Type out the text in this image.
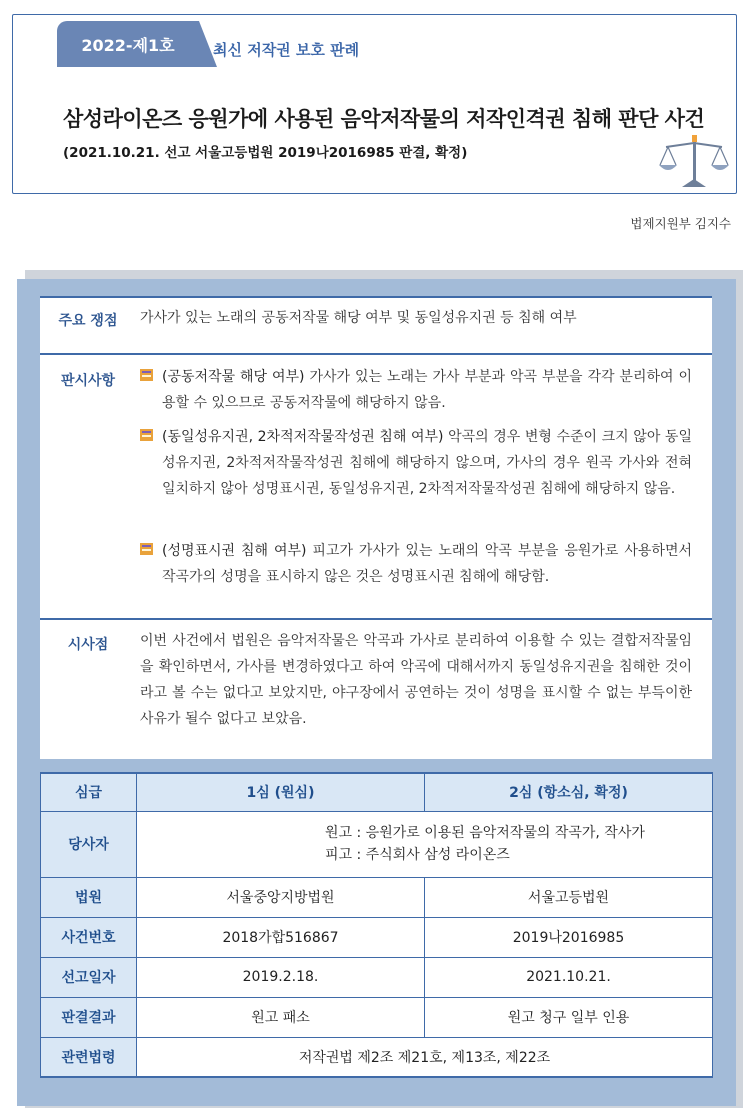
2022-제1호	최신 저작권 보호 판례
삼성라이온즈 응원가에 사용된 음악저작물의 저작인격권 침해 판단 사건
(2021.10.21. 선고 서울고등법원 2019나2016985 판결, 확정)
법제지원부 김지수
주요 쟁점	가사가 있는 노래의 공동저작물 해당 여부 및 동일성유지권 등 침해 여부
판시사항	(공동저작물 해당 여부) 가사가 있는 노래는 가사 부분과 악곡 부분을 각각 분리하여 이용할 수 있으므로 공동저작물에 해당하지 않음.
(동일성유지권, 2차적저작물작성권 침해 여부) 악곡의 경우 변형 수준이 크지 않아 동일성유지권, 2차적저작물작성권 침해에 해당하지 않으며, 가사의 경우 원곡 가사와 전혀 일치하지 않아 성명표시권, 동일성유지권, 2차적저작물작성권 침해에 해당하지 않음.
(성명표시권 침해 여부) 피고가 가사가 있는 노래의 악곡 부분을 응원가로 사용하면서 작곡가의 성명을 표시하지 않은 것은 성명표시권 침해에 해당함.
시사점	이번 사건에서 법원은 음악저작물은 악곡과 가사로 분리하여 이용할 수 있는 결합저작물임을 확인하면서, 가사를 변경하였다고 하여 악곡에 대해서까지 동일성유지권을 침해한 것이라고 볼 수는 없다고 보았지만, 야구장에서 공연하는 것이 성명을 표시할 수 없는 부득이한 사유가 될수 없다고 보았음.
심급	1심 (원심)	2심 (항소심, 확정)
당사자	원고 : 응원가로 이용된 음악저작물의 작곡가, 작사가
피고 : 주식회사 삼성 라이온즈	

법원	서울중앙지방법원	서울고등법원
사건번호	2018가합516867	2019나2016985
선고일자	2019.2.18.	2021.10.21.
판결결과	원고 패소	원고 청구 일부 인용
관련법령	저작권법 제2조 제21호, 제13조, 제22조	
